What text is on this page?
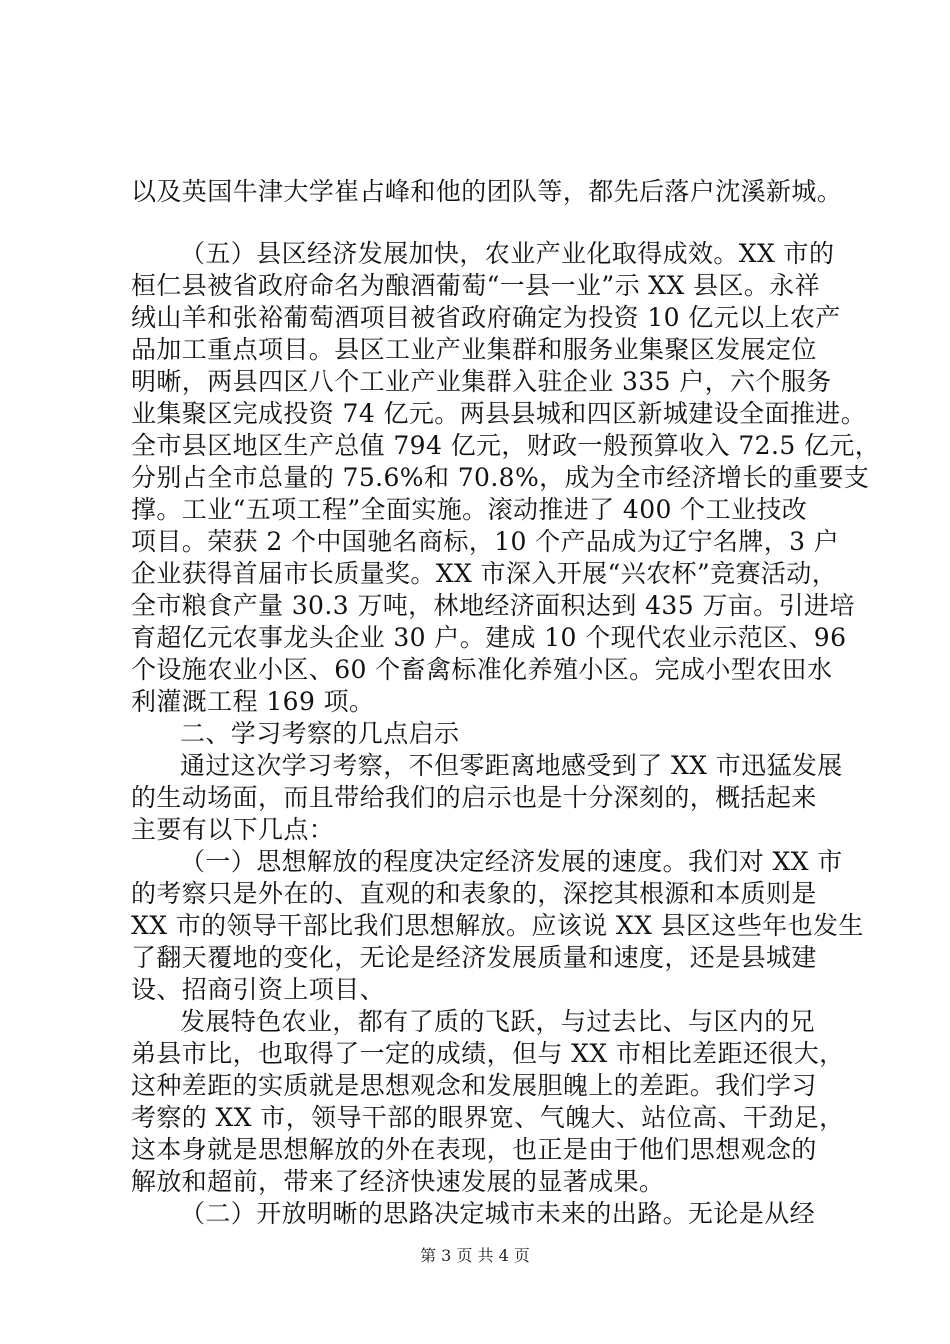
以及英国牛津大学崔占峰和他的团队等，都先后落户沈溪新城。
（五）县区经济发展加快，农业产业化取得成效。XX 市的
桓仁县被省政府命名为酿酒葡萄“一县一业”示 XX 县区。永祥
绒山羊和张裕葡萄酒项目被省政府确定为投资 10 亿元以上农产
品加工重点项目。县区工业产业集群和服务业集聚区发展定位
明晰，两县四区八个工业产业集群入驻企业 335 户，六个服务
业集聚区完成投资 74 亿元。两县县城和四区新城建设全面推进。
全市县区地区生产总值 794 亿元，财政一般预算收入 72.5 亿元，
分别占全市总量的 75.6%和 70.8%，成为全市经济增长的重要支
撑。工业“五项工程”全面实施。滚动推进了 400 个工业技改
项目。荣获 2 个中国驰名商标，10 个产品成为辽宁名牌，3 户
企业获得首届市长质量奖。XX 市深入开展“兴农杯”竞赛活动，
全市粮食产量 30.3 万吨，林地经济面积达到 435 万亩。引进培
育超亿元农事龙头企业 30 户。建成 10 个现代农业示范区、96
个设施农业小区、60 个畜禽标准化养殖小区。完成小型农田水
利灌溉工程 169 项。
二、学习考察的几点启示
通过这次学习考察，不但零距离地感受到了 XX 市迅猛发展
的生动场面，而且带给我们的启示也是十分深刻的，概括起来
主要有以下几点：
（一）思想解放的程度决定经济发展的速度。我们对 XX 市
的考察只是外在的、直观的和表象的，深挖其根源和本质则是
XX 市的领导干部比我们思想解放。应该说 XX 县区这些年也发生
了翻天覆地的变化，无论是经济发展质量和速度，还是县城建
设、招商引资上项目、
发展特色农业，都有了质的飞跃，与过去比、与区内的兄
弟县市比，也取得了一定的成绩，但与 XX 市相比差距还很大，
这种差距的实质就是思想观念和发展胆魄上的差距。我们学习
考察的 XX 市，领导干部的眼界宽、气魄大、站位高、干劲足，
这本身就是思想解放的外在表现，也正是由于他们思想观念的
解放和超前，带来了经济快速发展的显著成果。
（二）开放明晰的思路决定城市未来的出路。无论是从经
第 3 页 共 4 页
